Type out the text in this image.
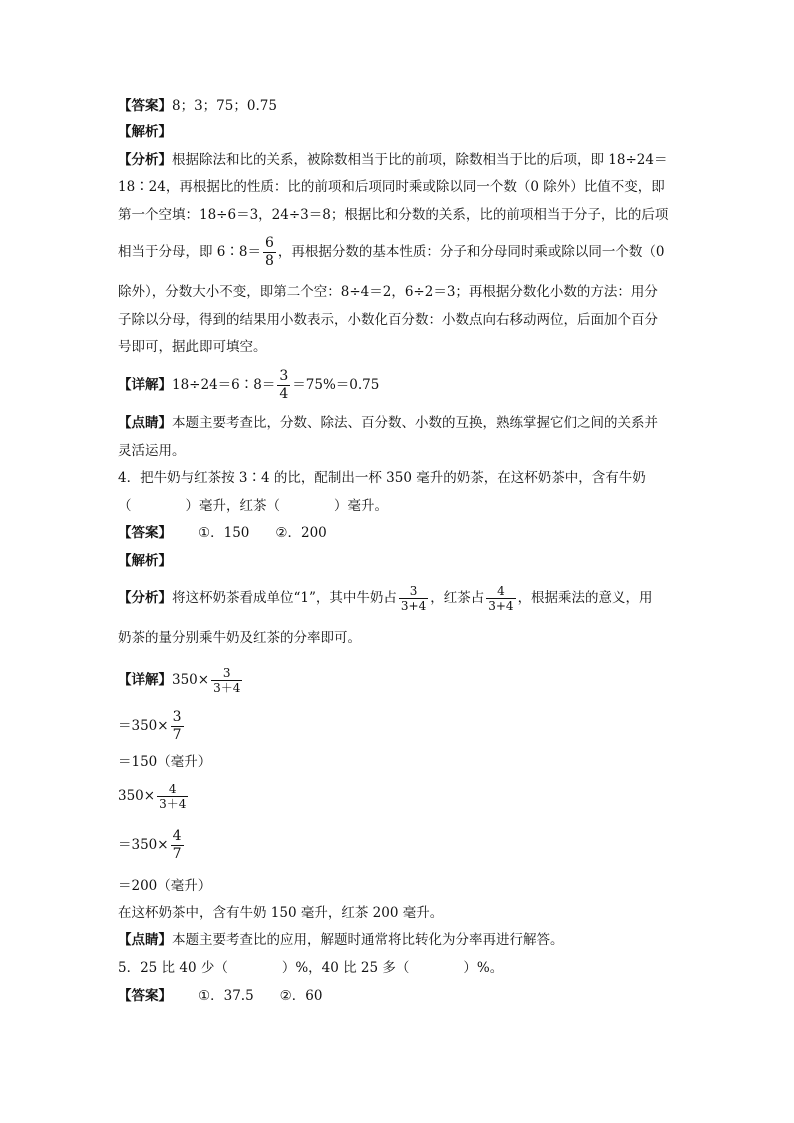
【答案】8；3；75；0.75
【解析】
【分析】根据除法和比的关系，被除数相当于比的前项，除数相当于比的后项，即 18÷24＝
18∶24，再根据比的性质：比的前项和后项同时乘或除以同一个数（0 除外）比值不变，即
第一个空填：18÷6＝3，24÷3＝8；根据比和分数的关系，比的前项相当于分子，比的后项
相当于分母，即 6∶8＝ $\frac{6}{8}$ ，再根据分数的基本性质：分子和分母同时乘或除以同一个数（0
除外），分数大小不变，即第二个空：8÷4＝2，6÷2＝3；再根据分数化小数的方法：用分
子除以分母，得到的结果用小数表示，小数化百分数：小数点向右移动两位，后面加个百分
号即可，据此即可填空。
【详解】18÷24＝6∶8＝ $\frac{3}{4} =75\%=0.75$
【点睛】本题主要考查比，分数、除法、百分数、小数的互换，熟练掌握它们之间的关系并
灵活运用。
4．把牛奶与红茶按 3∶4 的比，配制出一杯 350 毫升的奶茶，在这杯奶茶中，含有牛奶
（　　　　）毫升，红茶（　　　　）毫升。
【答案】 ①．150 ②．200
【解析】
【分析】将这杯奶茶看成单位“1”，其中牛奶占 $\frac{3}{3+4}$ ，红茶占 $\frac{4}{3+4}$ ，根据乘法的意义，用
奶茶的量分别乘牛奶及红茶的分率即可。
【详解】$350\times \frac{3}{3+4}$
$=350\times \frac{3}{7}$
＝150（毫升）
$350\times \frac{4}{3+4}$
$=350\times \frac{4}{7}$
＝200（毫升）
在这杯奶茶中，含有牛奶 150 毫升，红茶 200 毫升。
【点睛】本题主要考查比的应用，解题时通常将比转化为分率再进行解答。
5．25 比 40 少（　　　　）%，40 比 25 多（　　　　）%。
【答案】 ①．37.5 ②．60
